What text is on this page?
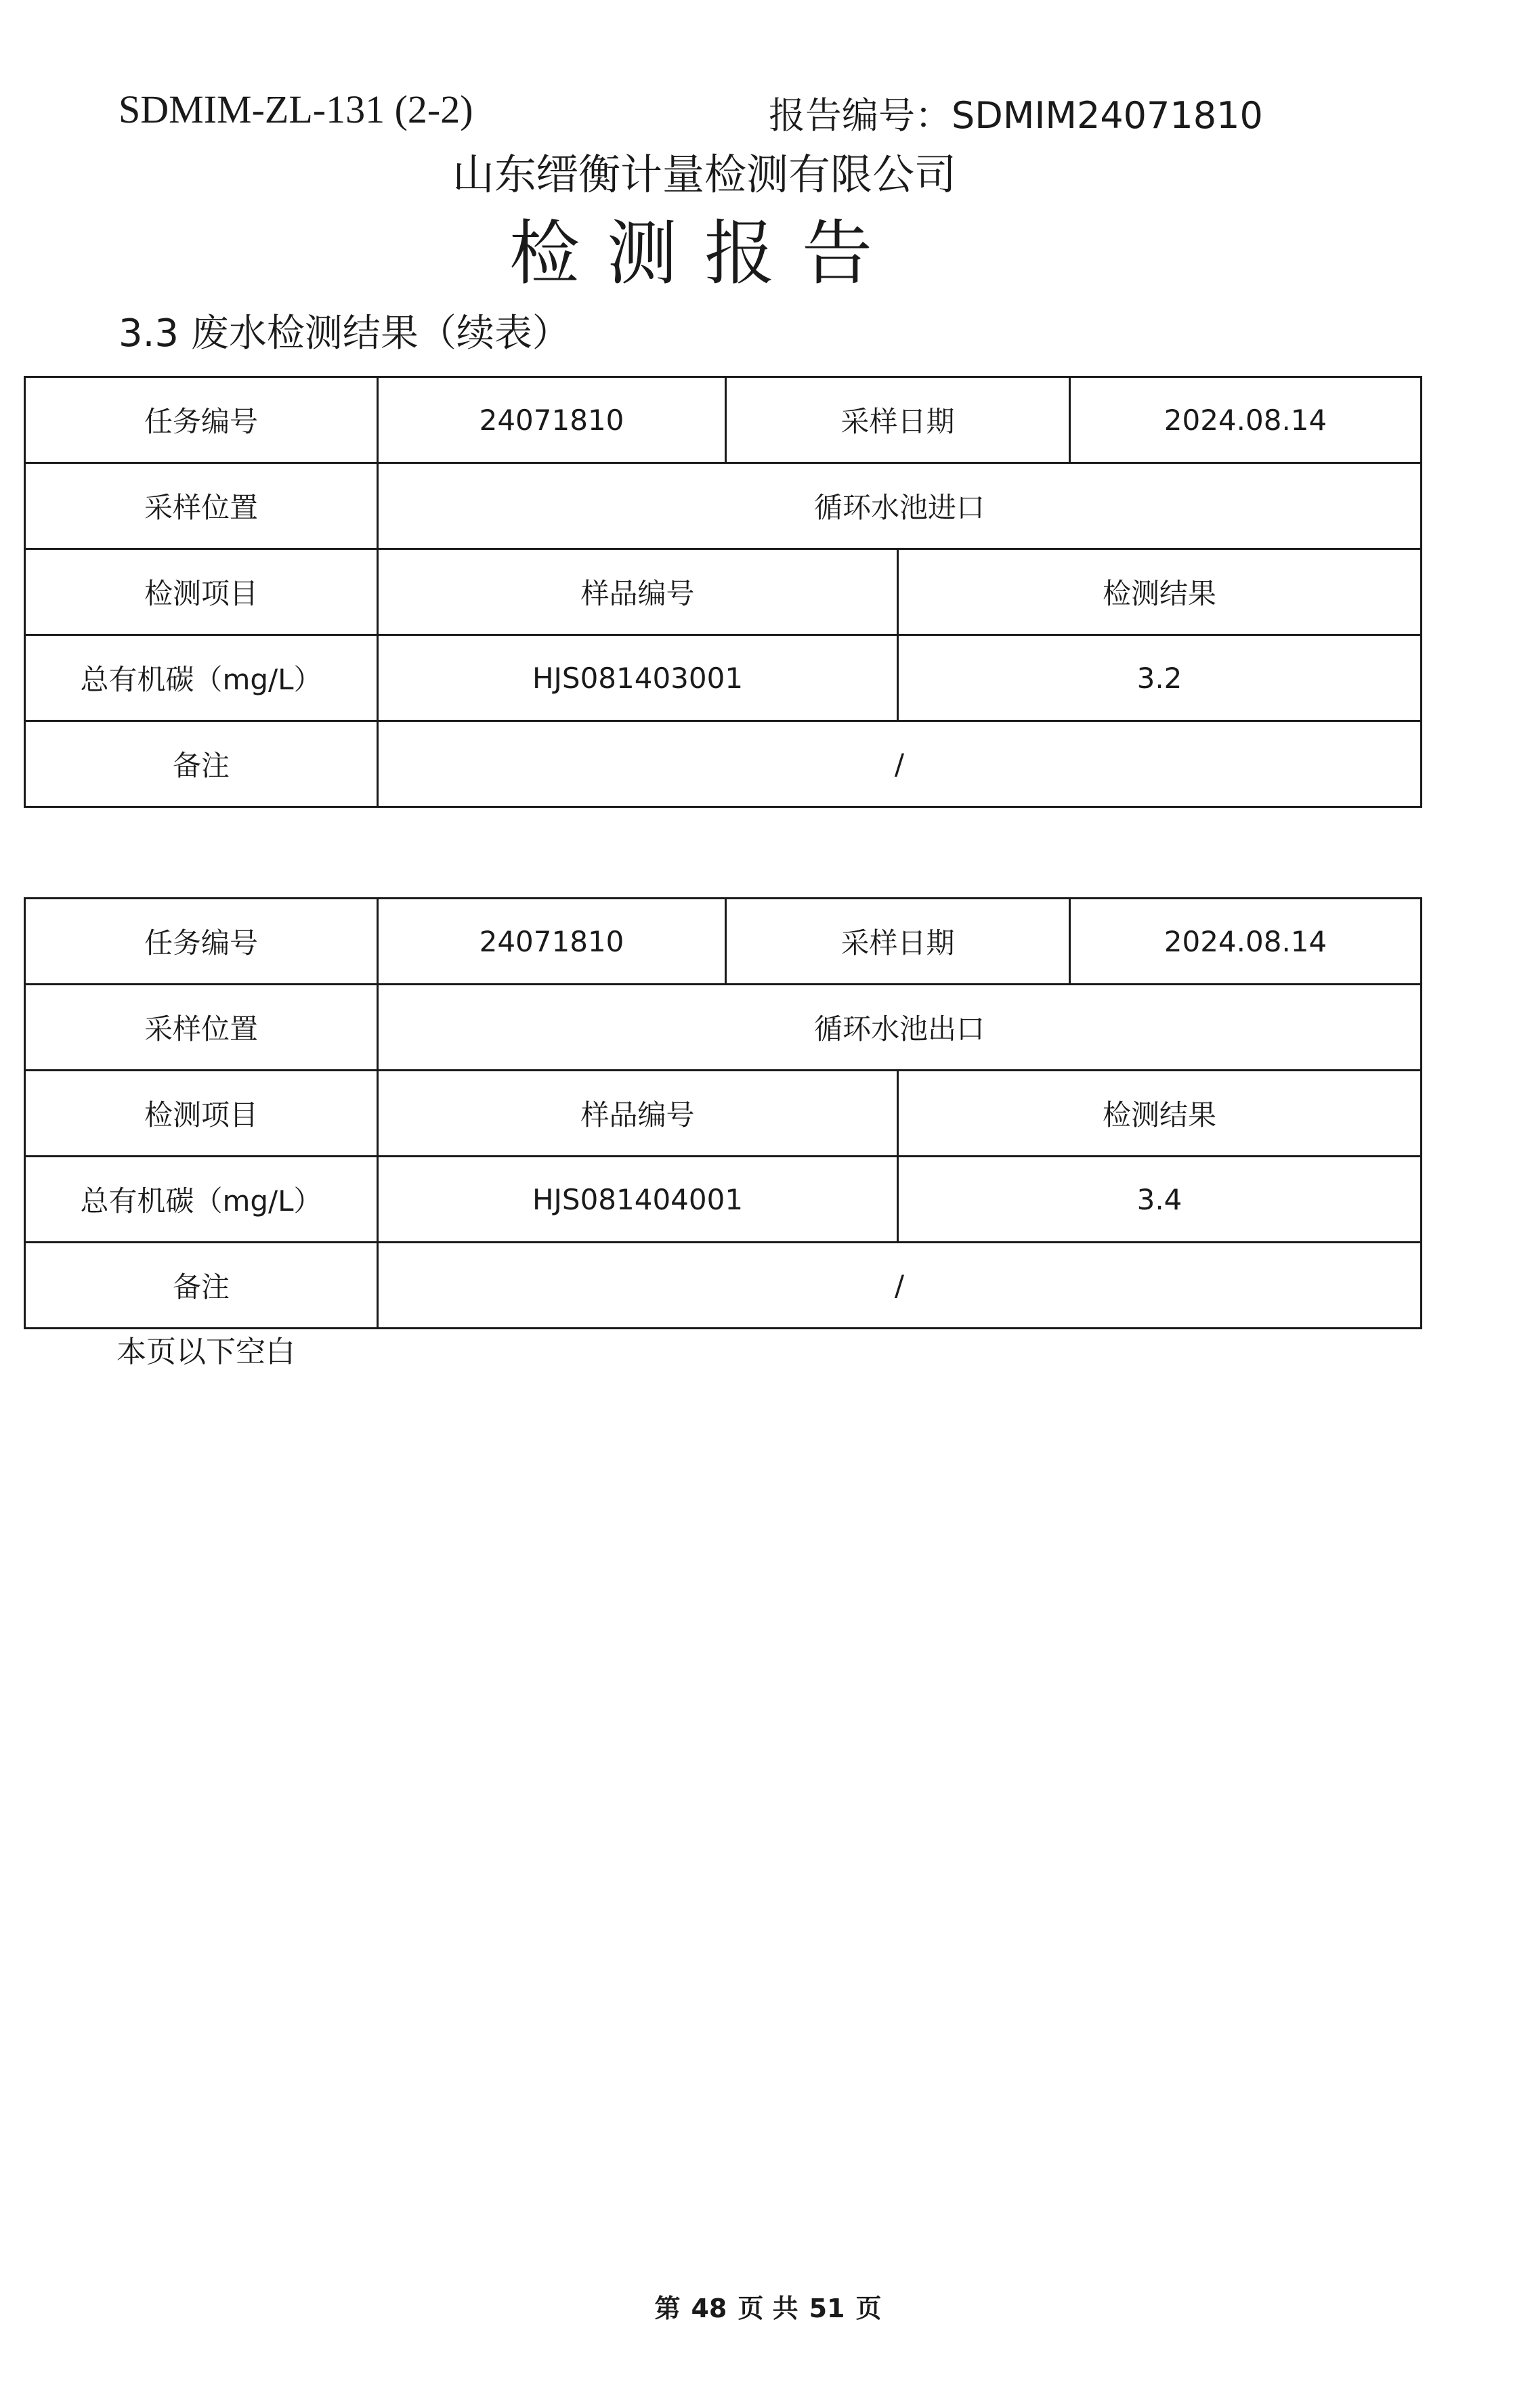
SDMIM-ZL-131 (2-2)	报告编号：SDMIM24071810
山东缙衡计量检测有限公司
检测报告
3.3 废水检测结果（续表）
任务编号	24071810	采样日期		2024.08.14
采样位置	循环水池进口			
检测项目	样品编号		检测结果	
总有机碳（mg/L）	HJS081403001		3.2	
备注	/			
任务编号	24071810	采样日期		2024.08.14
采样位置	循环水池出口			
检测项目	样品编号		检测结果	
总有机碳（mg/L）	HJS081404001		3.4	
备注	/			
本页以下空白
第 48 页 共 51 页
